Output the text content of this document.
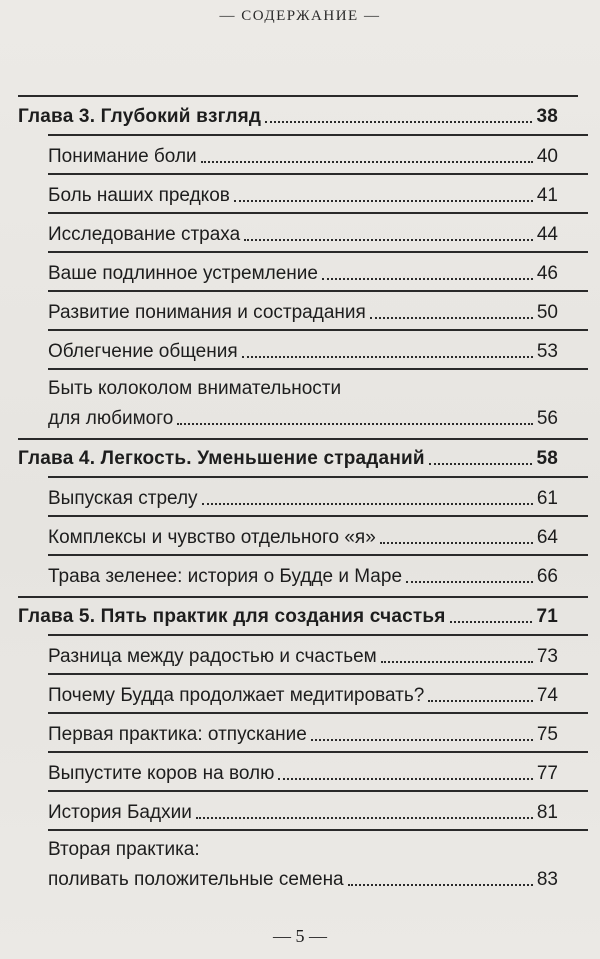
— СОДЕРЖАНИЕ —
Глава 3. Глубокий взгляд	38
Понимание боли	40
Боль наших предков	41
Исследование страха	44
Ваше подлинное устремление	46
Развитие понимания и сострадания	50
Облегчение общения	53
Быть колоколом внимательности
для любимого	56
Глава 4. Легкость. Уменьшение страданий	58
Выпуская стрелу	61
Комплексы и чувство отдельного «я»	64
Трава зеленее: история о Будде и Маре	66
Глава 5. Пять практик для создания счастья	71
Разница между радостью и счастьем	73
Почему Будда продолжает медитировать?	74
Первая практика: отпускание	75
Выпустите коров на волю	77
История Бадхии	81
Вторая практика:
поливать положительные семена	83
— 5 —
